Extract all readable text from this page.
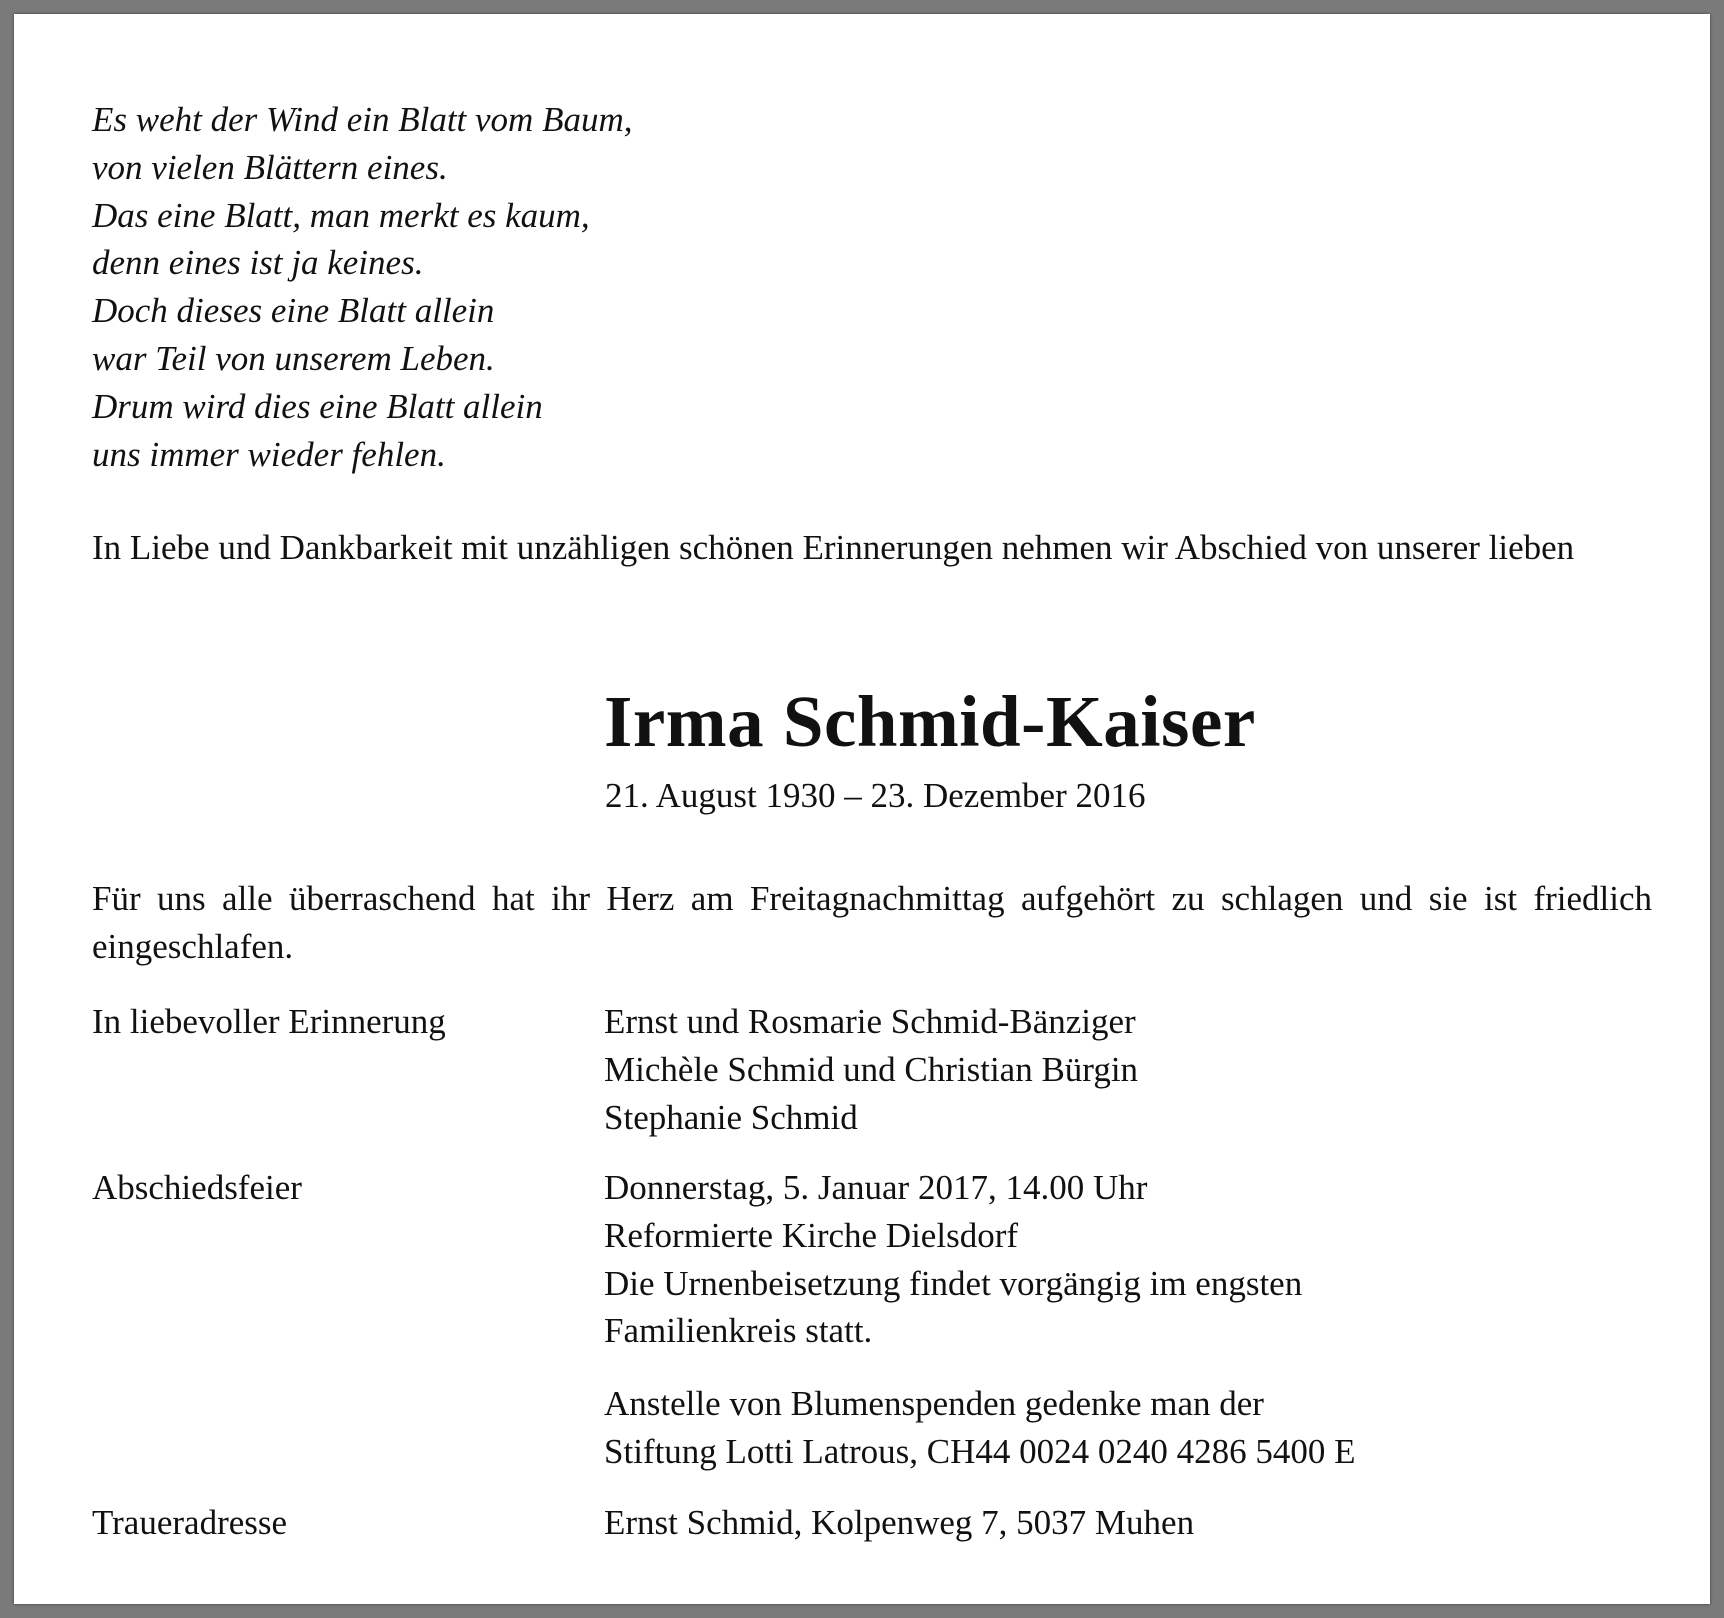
Es weht der Wind ein Blatt vom Baum,
von vielen Blättern eines.
Das eine Blatt, man merkt es kaum,
denn eines ist ja keines.
Doch dieses eine Blatt allein
war Teil von unserem Leben.
Drum wird dies eine Blatt allein
uns immer wieder fehlen.
In Liebe und Dankbarkeit mit unzähligen schönen Erinnerungen nehmen wir Abschied von unserer lieben
Irma Schmid-Kaiser
21. August 1930 – 23. Dezember 2016
Für uns alle überraschend hat ihr Herz am Freitagnachmittag aufgehört zu schlagen und sie ist friedlich eingeschlafen.
In liebevoller Erinnerung	Ernst und Rosmarie Schmid-Bänziger
Michèle Schmid und Christian Bürgin
Stephanie Schmid
Abschiedsfeier	Donnerstag, 5. Januar 2017, 14.00 Uhr
Reformierte Kirche Dielsdorf
Die Urnenbeisetzung findet vorgängig im engsten
Familienkreis statt.
Anstelle von Blumenspenden gedenke man der
Stiftung Lotti Latrous, CH44 0024 0240 4286 5400 E
Traueradresse	Ernst Schmid, Kolpenweg 7, 5037 Muhen
